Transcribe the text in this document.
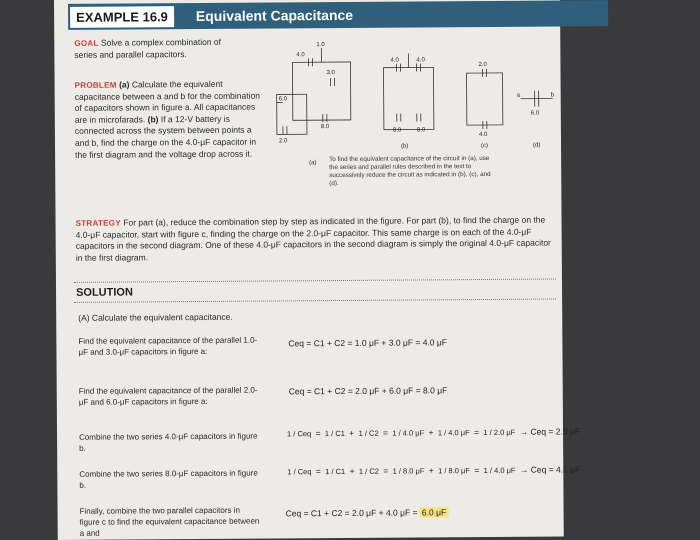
EXAMPLE 16.9	Equivalent Capacitance
GOAL Solve a complex combination of series and parallel capacitors.
PROBLEM (a) Calculate the equivalent capacitance between a and b for the combination of capacitors shown in figure a. All capacitances are in microfarads. (b) If a 12-V battery is connected across the system between points a and b, find the charge on the 4.0-μF capacitor in the first diagram and the voltage drop across it.
1.0
4.0
3.0
8.0
2.0
6.0
4.0	4.0
8.0	8.0
2.0
4.0
6.0
a	b
(a)
(b)	(c)	(d)
To find the equivalent capacitance of the circuit in (a), use the series and parallel rules described in the text to successively reduce the circuit as indicated in (b), (c), and (d).
STRATEGY For part (a), reduce the combination step by step as indicated in the figure. For part (b), to find the charge on the 4.0-μF capacitor, start with figure c, finding the charge on the 2.0-μF capacitor. This same charge is on each of the 4.0-μF capacitors in the second diagram. One of these 4.0-μF capacitors in the second diagram is simply the original 4.0-μF capacitor in the first diagram.
SOLUTION
(A) Calculate the equivalent capacitance.
Find the equivalent capacitance of the parallel 1.0-μF and 3.0-μF capacitors in figure a:
Ceq = C1 + C2 = 1.0 μF + 3.0 μF = 4.0 μF
Find the equivalent capacitance of the parallel 2.0-μF and 6.0-μF capacitors in figure a:
Ceq = C1 + C2 = 2.0 μF + 6.0 μF = 8.0 μF
Combine the two series 4.0-μF capacitors in figure b.
1 / Ceq = 1 / C1 + 1 / C2 = 1 / 4.0 μF + 1 / 4.0 μF = 1 / 2.0 μF → Ceq = 2.0 μF
Combine the two series 8.0-μF capacitors in figure b.
1 / Ceq = 1 / C1 + 1 / C2 = 1 / 8.0 μF + 1 / 8.0 μF = 1 / 4.0 μF → Ceq = 4.0 μF
Finally, combine the two parallel capacitors in figure c to find the equivalent capacitance between a and
Ceq = C1 + C2 = 2.0 μF + 4.0 μF = 6.0 μF
